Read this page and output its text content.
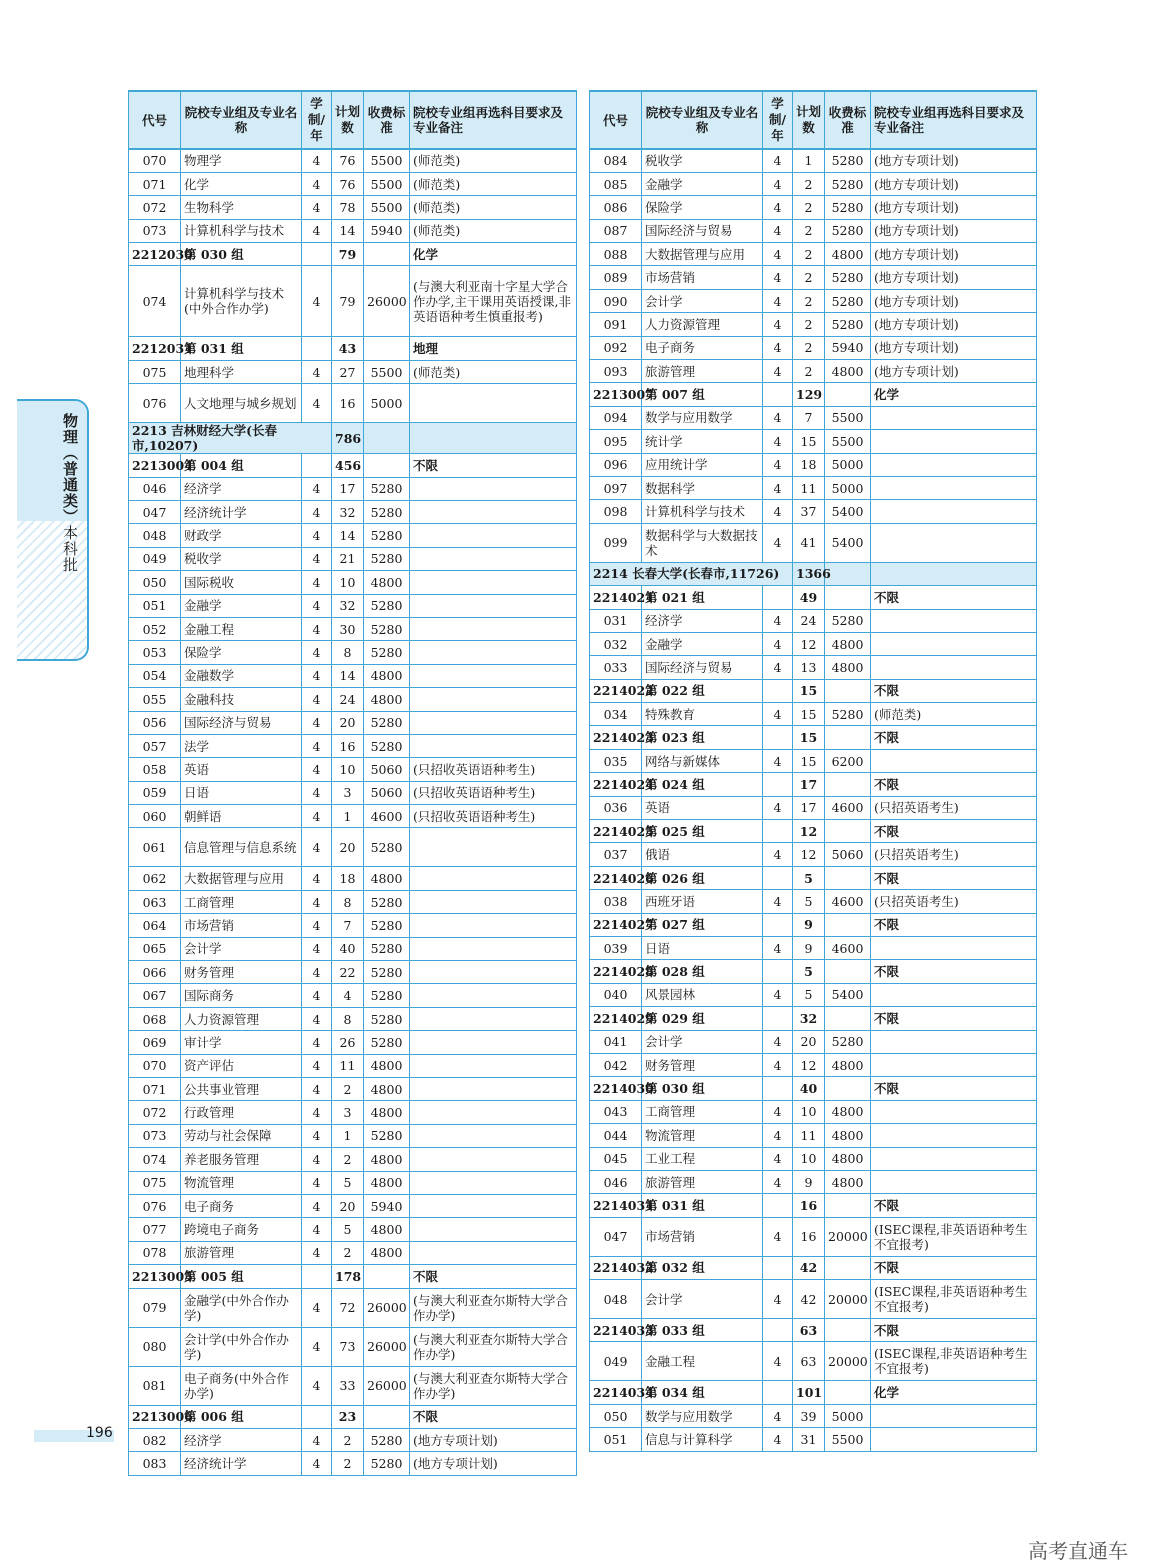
物理（普通类）本科批
代号	院校专业组及专业名称	学制/年	计划数	收费标准	院校专业组再选科目要求及专业备注
070	物理学	4	76	5500	(师范类)
071	化学	4	76	5500	(师范类)
072	生物科学	4	78	5500	(师范类)
073	计算机科学与技术	4	14	5940	(师范类)
2212030	第 030 组		79		化学
074	计算机科学与技术(中外合作办学)	4	79	26000	(与澳大利亚南十字星大学合作办学,主干课用英语授课,非英语语种考生慎重报考)
2212031	第 031 组		43		地理
075	地理科学	4	27	5500	(师范类)
076	人文地理与城乡规划	4	16	5000	
2213 吉林财经大学(长春市,10207)			786		
2213004	第 004 组		456		不限
046	经济学	4	17	5280	
047	经济统计学	4	32	5280	
048	财政学	4	14	5280	
049	税收学	4	21	5280	
050	国际税收	4	10	4800	
051	金融学	4	32	5280	
052	金融工程	4	30	5280	
053	保险学	4	8	5280	
054	金融数学	4	14	4800	
055	金融科技	4	24	4800	
056	国际经济与贸易	4	20	5280	
057	法学	4	16	5280	
058	英语	4	10	5060	(只招收英语语种考生)
059	日语	4	3	5060	(只招收英语语种考生)
060	朝鲜语	4	1	4600	(只招收英语语种考生)
061	信息管理与信息系统	4	20	5280	
062	大数据管理与应用	4	18	4800	
063	工商管理	4	8	5280	
064	市场营销	4	7	5280	
065	会计学	4	40	5280	
066	财务管理	4	22	5280	
067	国际商务	4	4	5280	
068	人力资源管理	4	8	5280	
069	审计学	4	26	5280	
070	资产评估	4	11	4800	
071	公共事业管理	4	2	4800	
072	行政管理	4	3	4800	
073	劳动与社会保障	4	1	5280	
074	养老服务管理	4	2	4800	
075	物流管理	4	5	4800	
076	电子商务	4	20	5940	
077	跨境电子商务	4	5	4800	
078	旅游管理	4	2	4800	
2213005	第 005 组		178		不限
079	金融学(中外合作办学)	4	72	26000	(与澳大利亚查尔斯特大学合作办学)
080	会计学(中外合作办学)	4	73	26000	(与澳大利亚查尔斯特大学合作办学)
081	电子商务(中外合作办学)	4	33	26000	(与澳大利亚查尔斯特大学合作办学)
2213006	第 006 组		23		不限
082	经济学	4	2	5280	(地方专项计划)
083	经济统计学	4	2	5280	(地方专项计划)
代号	院校专业组及专业名称	学制/年	计划数	收费标准	院校专业组再选科目要求及专业备注
084	税收学	4	1	5280	(地方专项计划)
085	金融学	4	2	5280	(地方专项计划)
086	保险学	4	2	5280	(地方专项计划)
087	国际经济与贸易	4	2	5280	(地方专项计划)
088	大数据管理与应用	4	2	4800	(地方专项计划)
089	市场营销	4	2	5280	(地方专项计划)
090	会计学	4	2	5280	(地方专项计划)
091	人力资源管理	4	2	5280	(地方专项计划)
092	电子商务	4	2	5940	(地方专项计划)
093	旅游管理	4	2	4800	(地方专项计划)
2213007	第 007 组		129		化学
094	数学与应用数学	4	7	5500	
095	统计学	4	15	5500	
096	应用统计学	4	18	5000	
097	数据科学	4	11	5000	
098	计算机科学与技术	4	37	5400	
099	数据科学与大数据技术	4	41	5400	
2214 长春大学(长春市,11726)			1366		
2214021	第 021 组		49		不限
031	经济学	4	24	5280	
032	金融学	4	12	4800	
033	国际经济与贸易	4	13	4800	
2214022	第 022 组		15		不限
034	特殊教育	4	15	5280	(师范类)
2214023	第 023 组		15		不限
035	网络与新媒体	4	15	6200	
2214024	第 024 组		17		不限
036	英语	4	17	4600	(只招英语考生)
2214025	第 025 组		12		不限
037	俄语	4	12	5060	(只招英语考生)
2214026	第 026 组		5		不限
038	西班牙语	4	5	4600	(只招英语考生)
2214027	第 027 组		9		不限
039	日语	4	9	4600	
2214028	第 028 组		5		不限
040	风景园林	4	5	5400	
2214029	第 029 组		32		不限
041	会计学	4	20	5280	
042	财务管理	4	12	4800	
2214030	第 030 组		40		不限
043	工商管理	4	10	4800	
044	物流管理	4	11	4800	
045	工业工程	4	10	4800	
046	旅游管理	4	9	4800	
2214031	第 031 组		16		不限
047	市场营销	4	16	20000	(ISEC课程,非英语语种考生不宜报考)
2214032	第 032 组		42		不限
048	会计学	4	42	20000	(ISEC课程,非英语语种考生不宜报考)
2214033	第 033 组		63		不限
049	金融工程	4	63	20000	(ISEC课程,非英语语种考生不宜报考)
2214034	第 034 组		101		化学
050	数学与应用数学	4	39	5000	
051	信息与计算科学	4	31	5500	
196
高考直通车
